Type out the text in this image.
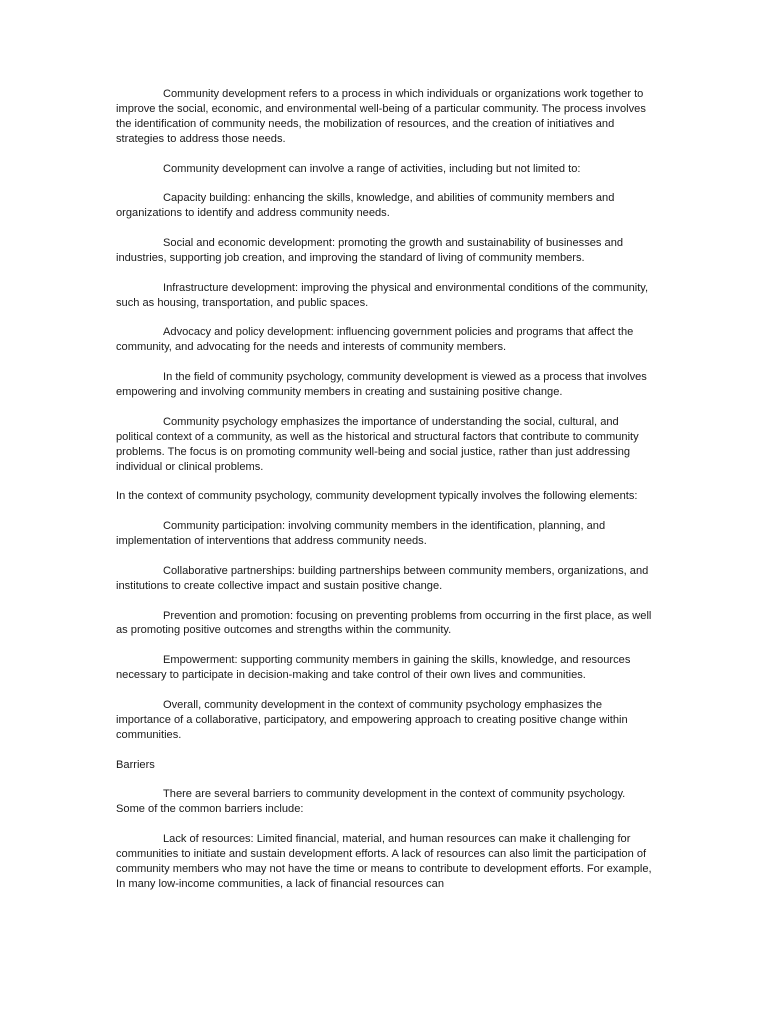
Community development refers to a process in which individuals or organizations work together to improve the social, economic, and environmental well-being of a particular community. The process involves the identification of community needs, the mobilization of resources, and the creation of initiatives and strategies to address those needs.

Community development can involve a range of activities, including but not limited to:

Capacity building: enhancing the skills, knowledge, and abilities of community members and organizations to identify and address community needs.

Social and economic development: promoting the growth and sustainability of businesses and industries, supporting job creation, and improving the standard of living of community members.

Infrastructure development: improving the physical and environmental conditions of the community, such as housing, transportation, and public spaces.

Advocacy and policy development: influencing government policies and programs that affect the community, and advocating for the needs and interests of community members.

In the field of community psychology, community development is viewed as a process that involves empowering and involving community members in creating and sustaining positive change.

Community psychology emphasizes the importance of understanding the social, cultural, and political context of a community, as well as the historical and structural factors that contribute to community problems. The focus is on promoting community well-being and social justice, rather than just addressing individual or clinical problems.

In the context of community psychology, community development typically involves the following elements:

Community participation: involving community members in the identification, planning, and implementation of interventions that address community needs.

Collaborative partnerships: building partnerships between community members, organizations, and institutions to create collective impact and sustain positive change.

Prevention and promotion: focusing on preventing problems from occurring in the first place, as well as promoting positive outcomes and strengths within the community.

Empowerment: supporting community members in gaining the skills, knowledge, and resources necessary to participate in decision-making and take control of their own lives and communities.

Overall, community development in the context of community psychology emphasizes the importance of a collaborative, participatory, and empowering approach to creating positive change within communities.

Barriers

There are several barriers to community development in the context of community psychology. Some of the common barriers include:

Lack of resources: Limited financial, material, and human resources can make it challenging for communities to initiate and sustain development efforts. A lack of resources can also limit the participation of community members who may not have the time or means to contribute to development efforts. For example, In many low-income communities, a lack of financial resources can
